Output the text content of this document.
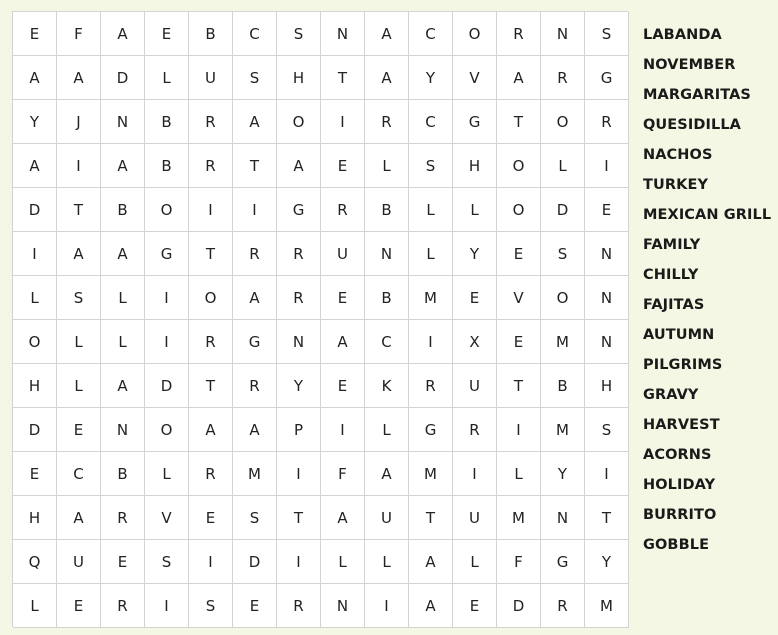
E	F	A	E	B	C	S	N	A	C	O	R	N	S
A	A	D	L	U	S	H	T	A	Y	V	A	R	G
Y	J	N	B	R	A	O	I	R	C	G	T	O	R
A	I	A	B	R	T	A	E	L	S	H	O	L	I
D	T	B	O	I	I	G	R	B	L	L	O	D	E
I	A	A	G	T	R	R	U	N	L	Y	E	S	N
L	S	L	I	O	A	R	E	B	M	E	V	O	N
O	L	L	I	R	G	N	A	C	I	X	E	M	N
H	L	A	D	T	R	Y	E	K	R	U	T	B	H
D	E	N	O	A	A	P	I	L	G	R	I	M	S
E	C	B	L	R	M	I	F	A	M	I	L	Y	I
H	A	R	V	E	S	T	A	U	T	U	M	N	T
Q	U	E	S	I	D	I	L	L	A	L	F	G	Y
L	E	R	I	S	E	R	N	I	A	E	D	R	M
LABANDA
NOVEMBER
MARGARITAS
QUESIDILLA
NACHOS
TURKEY
MEXICAN GRILL
FAMILY
CHILLY
FAJITAS
AUTUMN
PILGRIMS
GRAVY
HARVEST
ACORNS
HOLIDAY
BURRITO
GOBBLE
